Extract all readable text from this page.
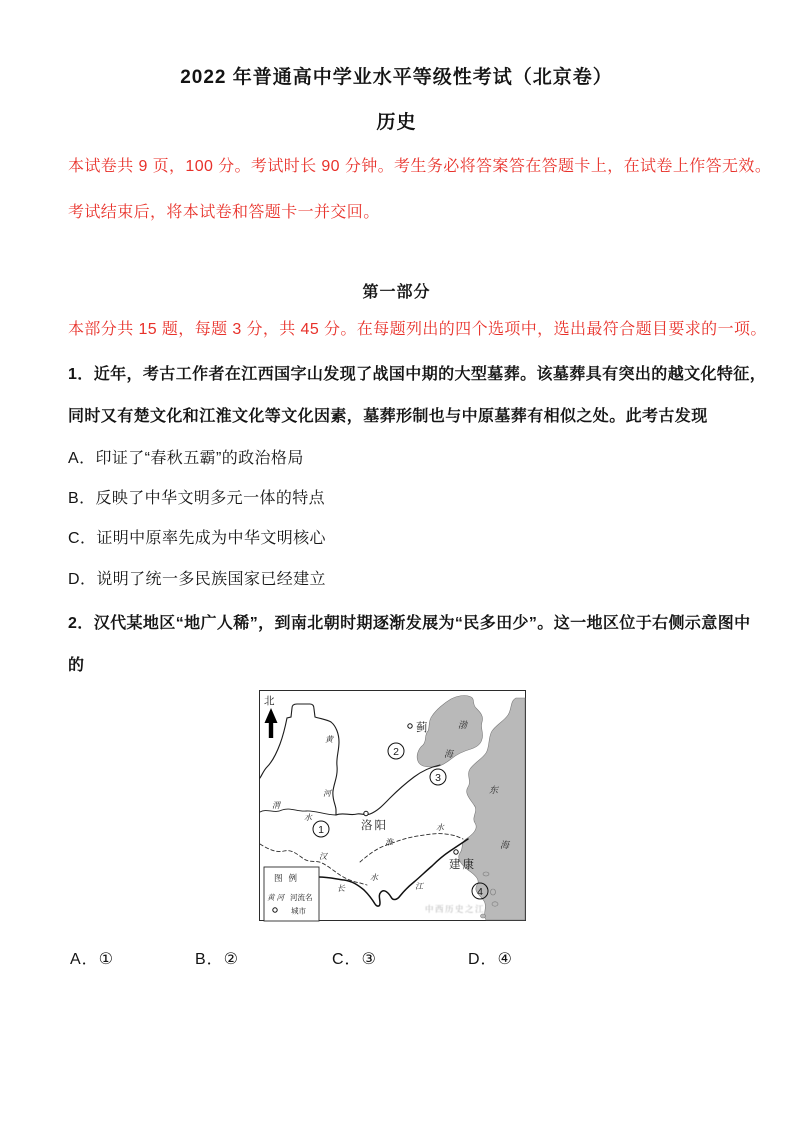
2022 年普通高中学业水平等级性考试（北京卷）
历史
本试卷共 9 页，100 分。考试时长 90 分钟。考生务必将答案答在答题卡上，在试卷上作答无效。
考试结束后，将本试卷和答题卡一并交回。
第一部分
本部分共 15 题，每题 3 分，共 45 分。在每题列出的四个选项中，选出最符合题目要求的一项。
1．近年，考古工作者在江西国字山发现了战国中期的大型墓葬。该墓葬具有突出的越文化特征，
同时又有楚文化和江淮文化等文化因素，墓葬形制也与中原墓葬有相似之处。此考古发现
A．印证了“春秋五霸”的政治格局
B．反映了中华文明多元一体的特点
C．证明中原率先成为中华文明核心
D．说明了统一多民族国家已经建立
2．汉代某地区“地广人稀”，到南北朝时期逐渐发展为“民多田少”。这一地区位于右侧示意图中
的
北
黄
河
渭
水
汉
水
淮
水
长	江
渤
海
东
海
蓟
洛阳
建康
1
2
3
4
图例
黄河 河流名
城市	中西历史之江
A．①	B．②	C．③	D．④
